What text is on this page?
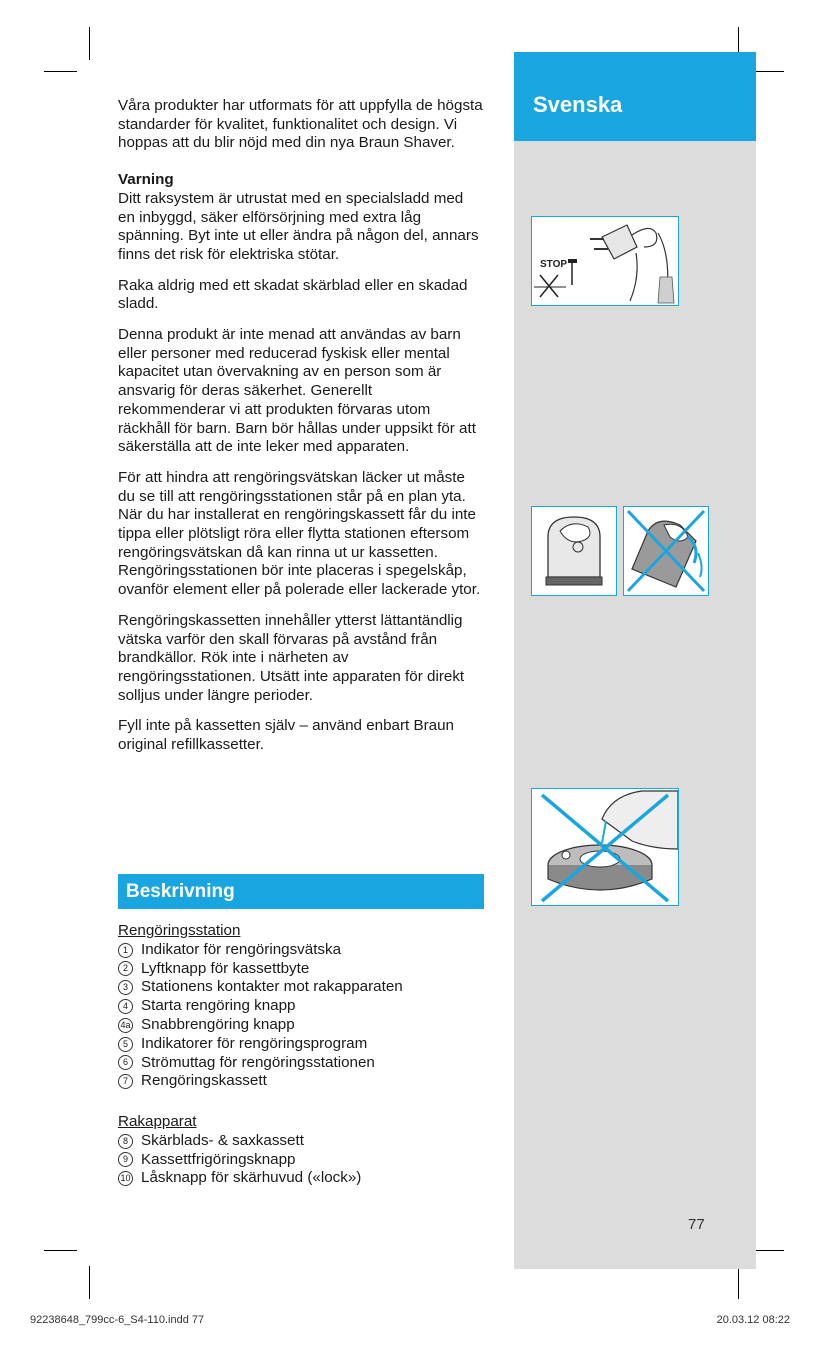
Svenska
STOP
77

Våra produkter har utformats för att uppfylla de högsta standarder för kvalitet, funktionalitet och design. Vi hoppas att du blir nöjd med din nya Braun Shaver.

Varning

Ditt raksystem är utrustat med en specialsladd med en inbyggd, säker elförsörjning med extra låg spänning. Byt inte ut eller ändra på någon del, annars finns det risk för elektriska stötar.

Raka aldrig med ett skadat skärblad eller en skadad sladd.

Denna produkt är inte menad att användas av barn eller personer med reducerad fyskisk eller mental kapacitet utan övervakning av en person som är ansvarig för deras säkerhet. Generellt rekommenderar vi att produkten förvaras utom räckhåll för barn. Barn bör hållas under uppsikt för att säkerställa att de inte leker med apparaten.

För att hindra att rengöringsvätskan läcker ut måste du se till att rengöringsstationen står på en plan yta. När du har installerat en rengöringskassett får du inte tippa eller plötsligt röra eller flytta stationen eftersom rengöringsvätskan då kan rinna ut ur kassetten.

Rengöringsstationen bör inte placeras i spegelskåp, ovanför element eller på polerade eller lackerade ytor.

Rengöringskassetten innehåller ytterst lättantändlig vätska varför den skall förvaras på avstånd från brandkällor. Rök inte i närheten av rengöringsstationen. Utsätt inte apparaten för direkt solljus under längre perioder.

Fyll inte på kassetten själv – använd enbart Braun original refillkassetter.

Beskrivning
Rengöringsstation
1 Indikator för rengöringsvätska
2 Lyftknapp för kassettbyte
3 Stationens kontakter mot rakapparaten
4 Starta rengöring knapp
4a Snabbrengöring knapp
5 Indikatorer för rengöringsprogram
6 Strömuttag för rengöringsstationen
7 Rengöringskassett
Rakapparat
8 Skärblads- & saxkassett
9 Kassettfrigöringsknapp
10 Låsknapp för skärhuvud («lock»)
92238648_799cc-6_S4-110.indd 77	20.03.12 08:22
